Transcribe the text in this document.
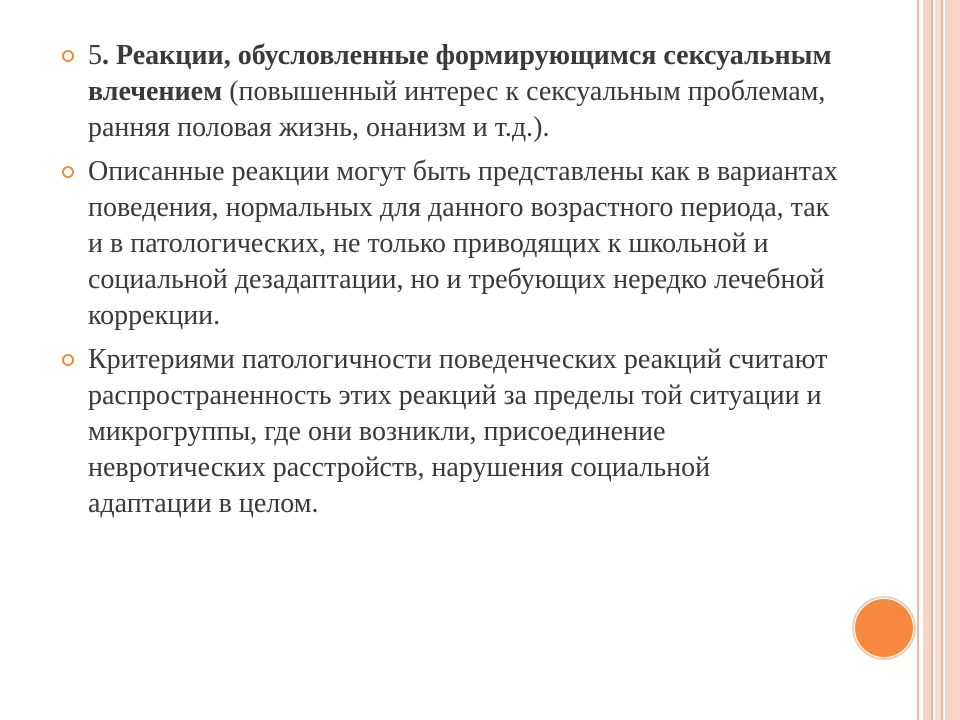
5. Реакции, обусловленные формирующимся сексуальным влечением (повышенный интерес к сексуальным проблемам, ранняя половая жизнь, онанизм и т.д.).
Описанные реакции могут быть представлены как в вариантах поведения, нормальных для данного возрастного периода, так и в патологических, не только приводящих к школьной и социальной дезадаптации, но и требующих нередко лечебной коррекции.
Критериями патологичности поведенческих реакций считают распространенность этих реакций за пределы той ситуации и микрогруппы, где они возникли, присоединение невротических расстройств, нарушения социальной адаптации в целом.
